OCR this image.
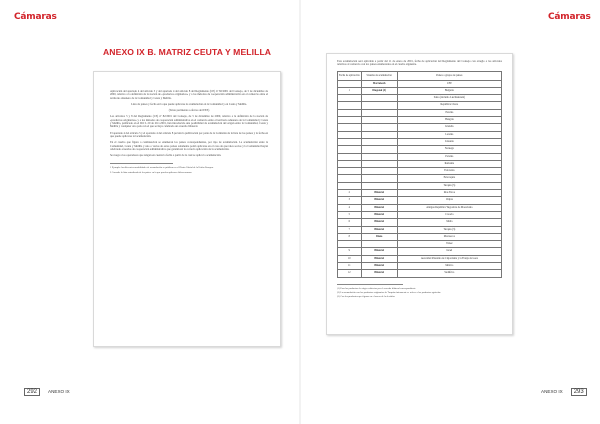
Cámaras	Cámaras
ANEXO IX B. MATRIZ CEUTA Y MELILLA

Aplicación del apartado 4 del artículo 5 y del apartado 4 del artículo 8 del Reglamento (CE) nº 82/2001 del Consejo, de 5 de diciembre de 2000, relativo a la definición de la noción de «productos originarios» y a los métodos de cooperación administrativa en el comercio entre el territorio aduanero de la Comunidad y Ceuta y Melilla.

Lista de países y fecha en la que puede aplicarse la acumulación en la Comunidad y en Ceuta y Melilla.

(Texto pertinente a efectos del EEE)

Los artículos 5 y 8 del Reglamento (CE) nº 82/2001 del Consejo, de 5 de diciembre de 2000, relativo a la definición de la noción de «productos originarios» y a los métodos de cooperación administrativa en el comercio entre el territorio aduanero de la Comunidad y Ceuta y Melilla, publicado en el DO L 20 de 20.1.2001, han introducido una posibilidad de acumulación del origen entre la Comunidad, Ceuta y Melilla y cualquier otro país con el que se haya celebrado un acuerdo bilateral.

El apartado 4 del artículo 5 y el apartado 4 del artículo 8 prevén la publicación por parte de la Comisión de la lista de los países y la fecha en que puede aplicarse tal acumulación.

En el cuadro que figura a continuación se enumeran los países correspondientes, por tipo de acumulación. La acumulación entre la Comunidad, Ceuta y Melilla y uno o varios de estos países solamente podrá aplicarse en el caso de que tales socios y la Comunidad hayan celebrado acuerdos de cooperación administrativa que garanticen la correcta aplicación de la acumulación.

Se ruega a los operadores que tengan en cuenta la fecha a partir de la cual se aplica la acumulación.

1 Ejemplo: las diferentes modalidades de acumulación se publican en el Diario Oficial de la Unión Europea.

2 Consulte la lista actualizada de los países en la que pueden aplicarse dichas normas.

Esta acumulación será aplicable a partir del 11 de enero de 2001, fecha de aplicación del Reglamento del Consejo con arreglo a los artículos relativos al comercio con los países enumerados en el cuadro siguiente.

Fecha de aplicación	Sistema de acumulación	Países o grupos de países
	Marrakech	CEE
1	Diagonal (4)	Bulgaria
		Suiza (incluido Liechtenstein)
		República Checa
		Estonia
		Hungría
		Islandia
		Letonia
		Lituania
		Noruega
		Polonia
		Rumanía
		Eslovenia
		Eslovaquia
		Turquía (5)
2	Bilateral	Islas Feroe
3	Bilateral	Chipre
4	Bilateral	Antigua República Yugoslava de Macedonia
5	Bilateral	Croacia
6	Bilateral	Malta
7	Bilateral	Turquía (3)
8	Diaza	Marruecos
		Túnez
9	Bilateral	Israel
10	Bilateral	Autoridad Palestina de Cisjordania y la Franja de Gaza
11	Bilateral	México
12	Bilateral	Sudáfrica

(1) Para los productos de origen cubiertos por el acuerdo bilateral correspondiente.

(2) La acumulación con los productos originarios de Turquía únicamente se refiere a los productos agrícolas.

(3) Con los productos que figuran en el anexo de la decisión.

292 ANEXO IX	ANEXO IX 293
